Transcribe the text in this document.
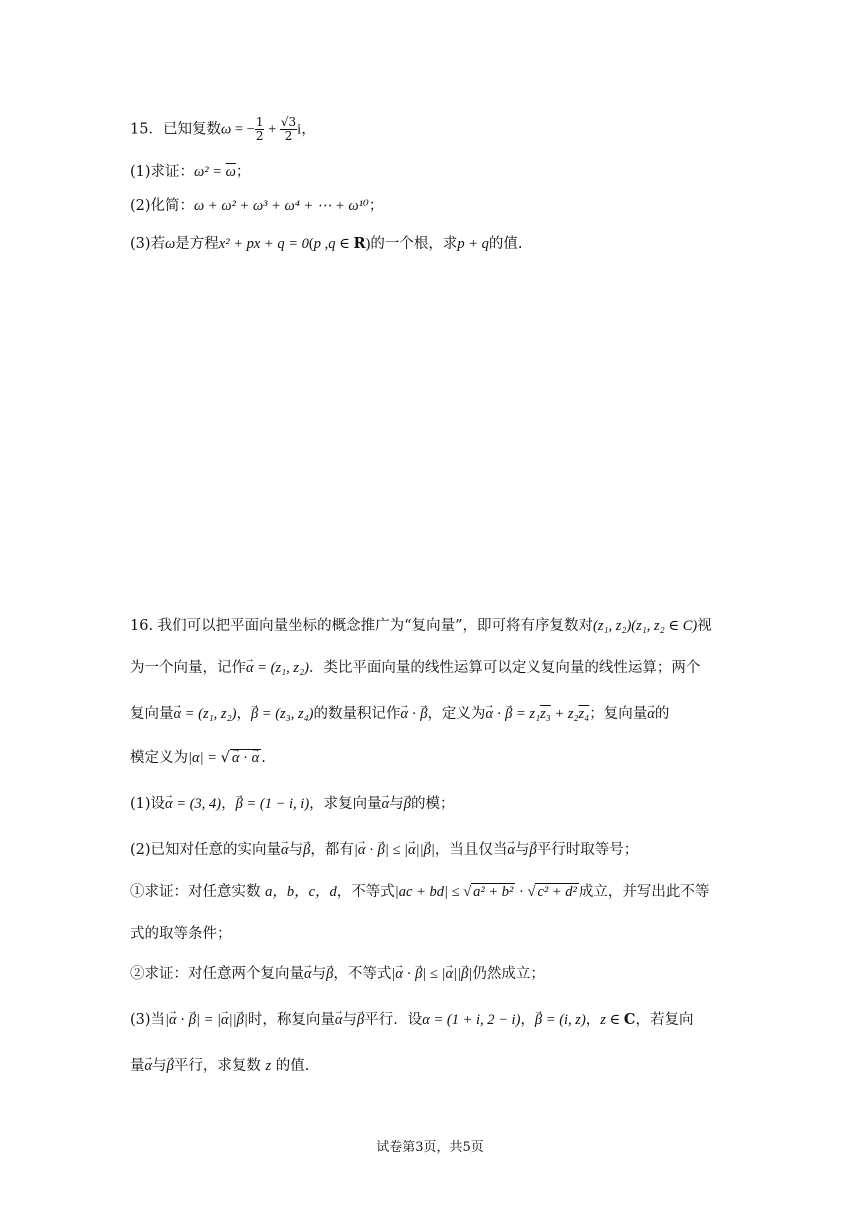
15．已知复数ω = − $\frac{1}{2} + \frac{√3}{2}$ i，
(1)求证：$\omega^2 = \overline{\omega}$；
(2)化简：ω + ω² + ω³ + ω⁴ + ⋯ + ω¹⁰；
(3)若ω是方程x² + px + q = 0(p ,q ∈ R)的一个根，求p + q的值.
16. 我们可以把平面向量坐标的概念推广为“复向量”，即可将有序复数对(z₁, z₂)(z₁, z₂ ∈ C)视
为一个向量，记作→ α = (z₁, z₂)．类比平面向量的线性运算可以定义复向量的线性运算；两个
复向量→ α = (z₁, z₂)，→ β = (z₃, z₄)的数量积记作→ α · → β，定义为→ α · → β = z₁z₃ + z₂z₄；复向量→ α的
模定义为|α| = √ → α · → α .
(1)设→ α = (3, 4)，→ β = (1 − i, i)，求复向量→ α与→ β的模；
(2)已知对任意的实向量→ α与→ β，都有|→ α · → β| ≤ |→ α||→ β|，当且仅当→ α与→ β平行时取等号；
①求证：对任意实数 a，b，c，d，不等式|ac + bd| ≤ √ a² + b² · √ c² + d² 成立，并写出此不等
式的取等条件；
②求证：对任意两个复向量→ α与→ β，不等式|→ α · → β| ≤ |→ α||→ β|仍然成立；
(3)当|→ α · → β| = |→ α||→ β|时，称复向量→ α与→ β平行．设α = (1 + i, 2 − i)，→ β = (i, z)，z ∈ C，若复向
量→ α与→ β平行，求复数 z 的值.
试卷第3页，共5页
